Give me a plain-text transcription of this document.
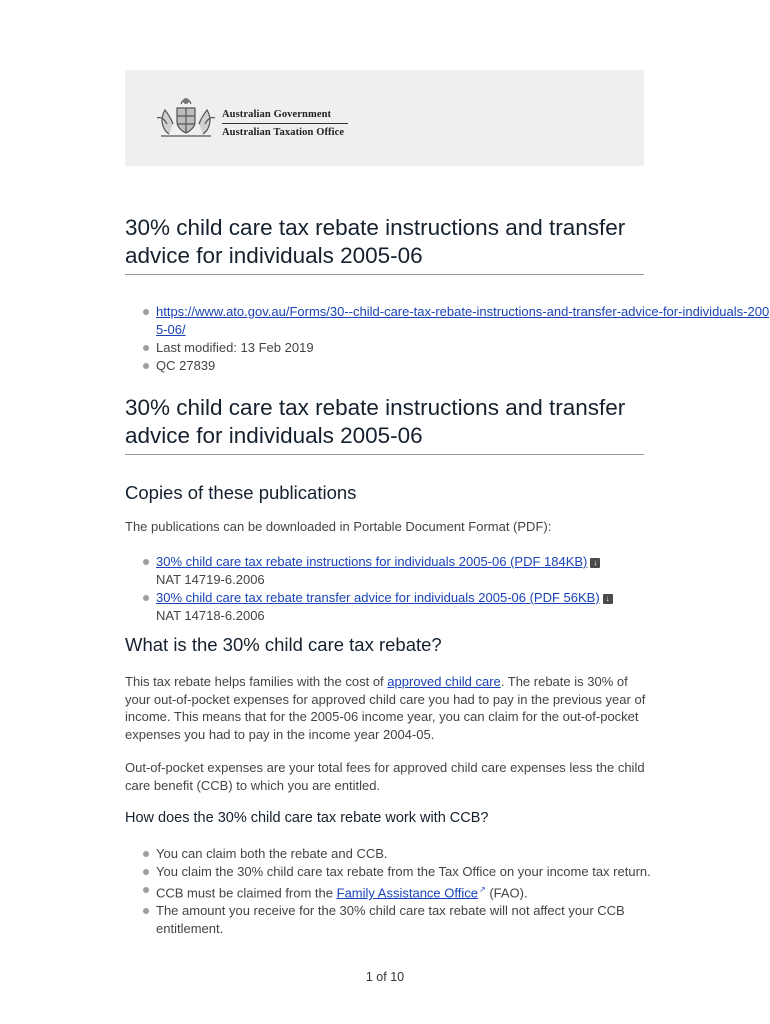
Australian Government
Australian Taxation Office
30% child care tax rebate instructions and transfer advice for individuals 2005-06
https://www.ato.gov.au/Forms/30--child-care-tax-rebate-instructions-and-transfer-advice-for-individuals-2005-06/
Last modified: 13 Feb 2019
QC 27839
30% child care tax rebate instructions and transfer advice for individuals 2005-06
Copies of these publications

The publications can be downloaded in Portable Document Format (PDF):

30% child care tax rebate instructions for individuals 2005-06 (PDF 184KB) ↓
NAT 14719-6.2006
30% child care tax rebate transfer advice for individuals 2005-06 (PDF 56KB) ↓
NAT 14718-6.2006
What is the 30% child care tax rebate?

This tax rebate helps families with the cost of approved child care. The rebate is 30% of your out-of-pocket expenses for approved child care you had to pay in the previous year of income. This means that for the 2005-06 income year, you can claim for the out-of-pocket expenses you had to pay in the income year 2004-05.

Out-of-pocket expenses are your total fees for approved child care expenses less the child care benefit (CCB) to which you are entitled.

How does the 30% child care tax rebate work with CCB?
You can claim both the rebate and CCB.
You claim the 30% child care tax rebate from the Tax Office on your income tax return.
CCB must be claimed from the Family Assistance Office↗ (FAO).
The amount you receive for the 30% child care tax rebate will not affect your CCB entitlement.
1 of 10
